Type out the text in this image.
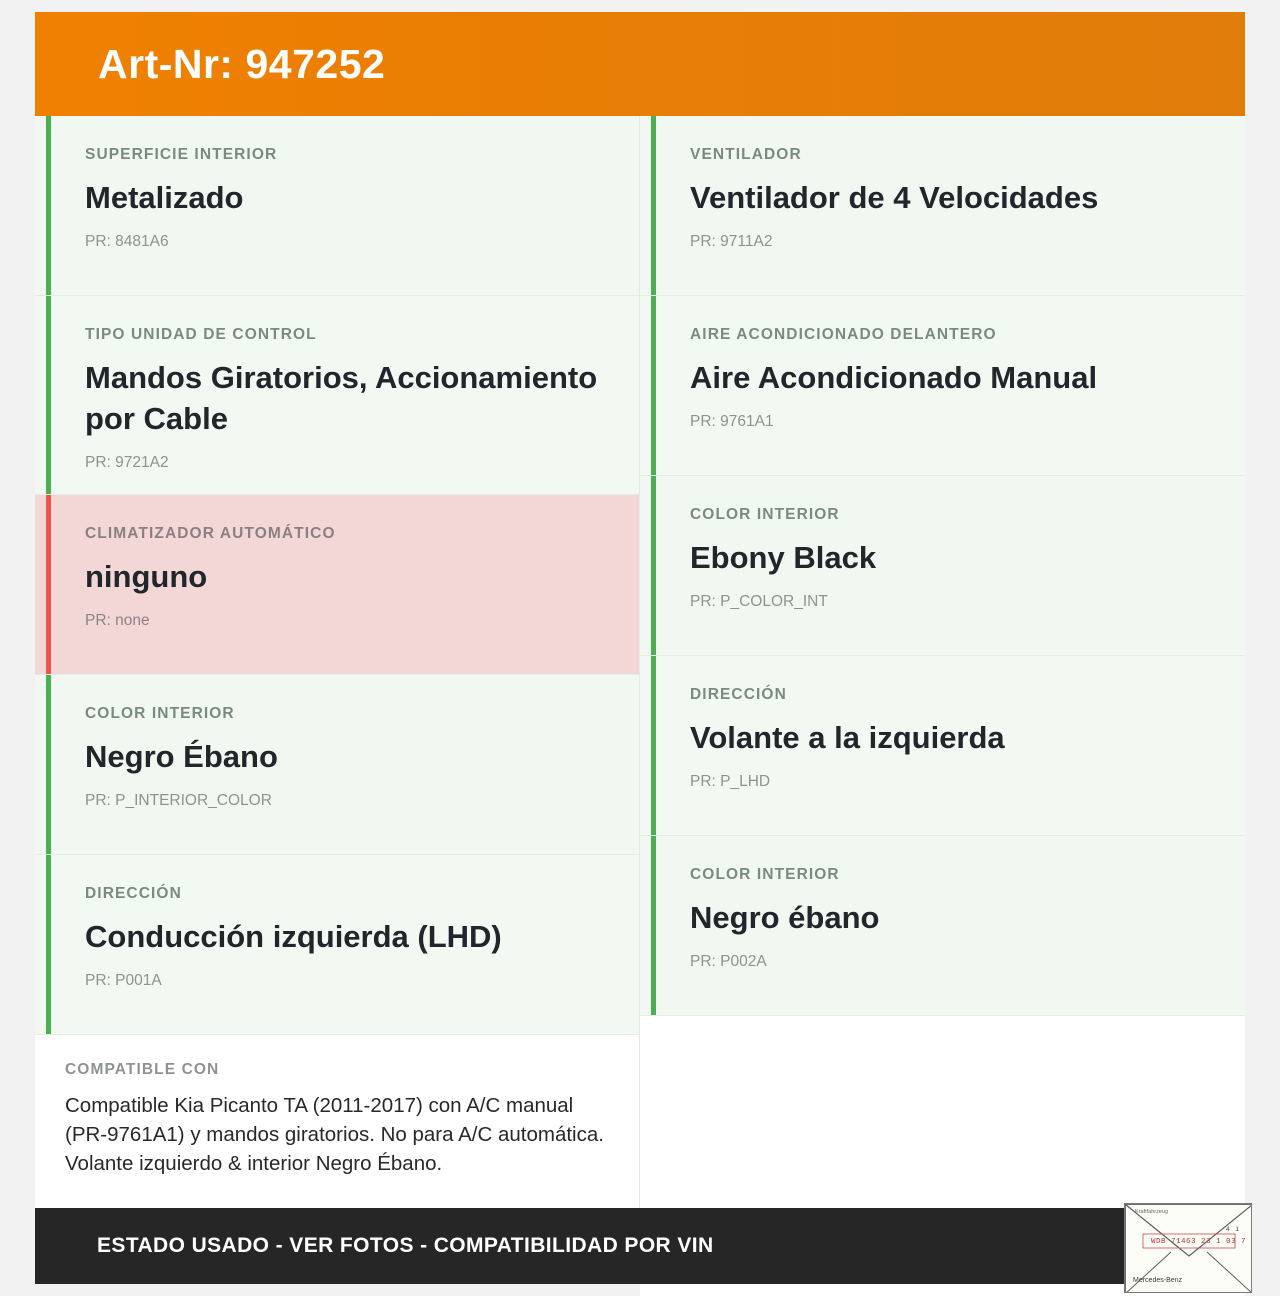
Art-Nr: 947252
SUPERFICIE INTERIOR
Metalizado
PR: 8481A6
TIPO UNIDAD DE CONTROL
Mandos Giratorios, Accionamiento por Cable
PR: 9721A2
CLIMATIZADOR AUTOMÁTICO
ninguno
PR: none
COLOR INTERIOR
Negro Ébano
PR: P_INTERIOR_COLOR
DIRECCIÓN
Conducción izquierda (LHD)
PR: P001A
COMPATIBLE CON
Compatible Kia Picanto TA (2011-2017) con A/C manual (PR-9761A1) y mandos giratorios. No para A/C automática. Volante izquierdo & interior Negro Ébano.
VENTILADOR
Ventilador de 4 Velocidades
PR: 9711A2
AIRE ACONDICIONADO DELANTERO
Aire Acondicionado Manual
PR: 9761A1
COLOR INTERIOR
Ebony Black
PR: P_COLOR_INT
DIRECCIÓN
Volante a la izquierda
PR: P_LHD
COLOR INTERIOR
Negro ébano
PR: P002A
ESTADO USADO - VER FOTOS - COMPATIBILIDAD POR VIN
Kraftfahrzeug
4 1
WDB 71463 23 1 03 7
Mercedes-Benz
